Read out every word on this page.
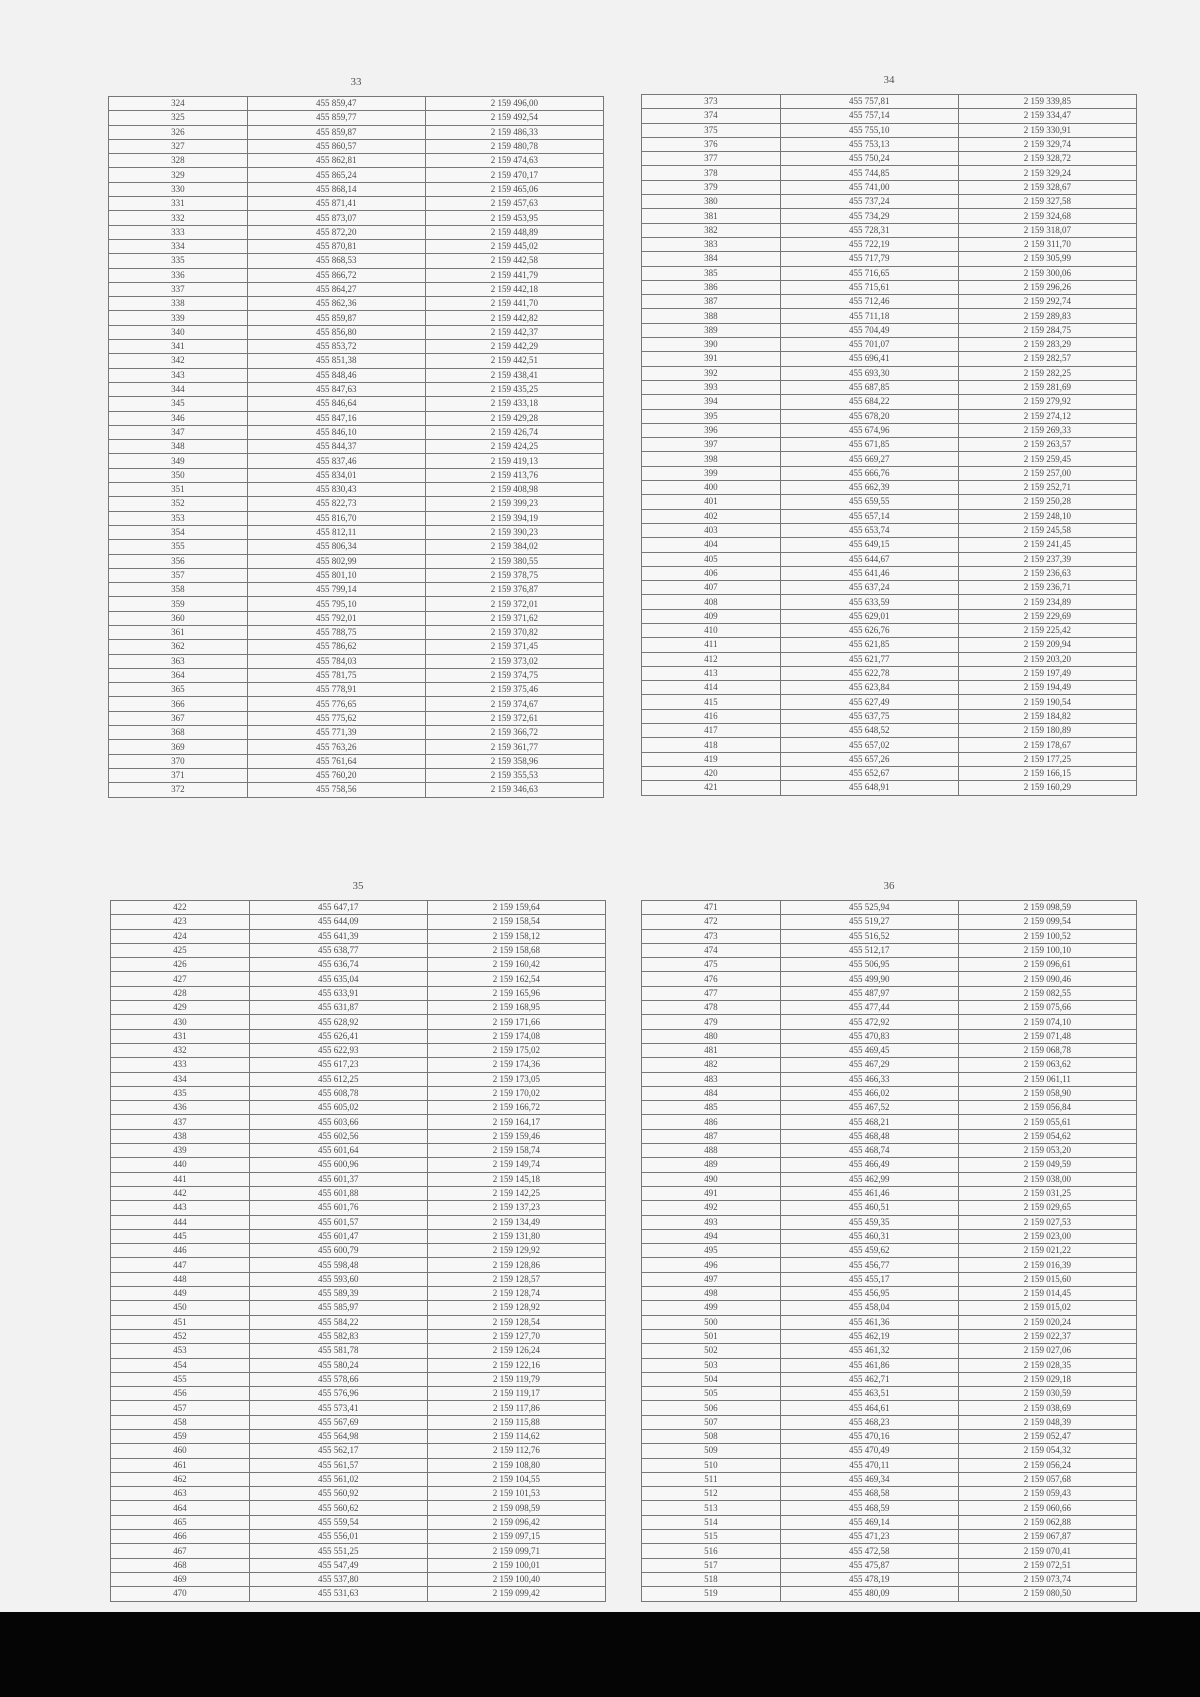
33
324	455 859,47	2 159 496,00
325	455 859,77	2 159 492,54
326	455 859,87	2 159 486,33
327	455 860,57	2 159 480,78
328	455 862,81	2 159 474,63
329	455 865,24	2 159 470,17
330	455 868,14	2 159 465,06
331	455 871,41	2 159 457,63
332	455 873,07	2 159 453,95
333	455 872,20	2 159 448,89
334	455 870,81	2 159 445,02
335	455 868,53	2 159 442,58
336	455 866,72	2 159 441,79
337	455 864,27	2 159 442,18
338	455 862,36	2 159 441,70
339	455 859,87	2 159 442,82
340	455 856,80	2 159 442,37
341	455 853,72	2 159 442,29
342	455 851,38	2 159 442,51
343	455 848,46	2 159 438,41
344	455 847,63	2 159 435,25
345	455 846,64	2 159 433,18
346	455 847,16	2 159 429,28
347	455 846,10	2 159 426,74
348	455 844,37	2 159 424,25
349	455 837,46	2 159 419,13
350	455 834,01	2 159 413,76
351	455 830,43	2 159 408,98
352	455 822,73	2 159 399,23
353	455 816,70	2 159 394,19
354	455 812,11	2 159 390,23
355	455 806,34	2 159 384,02
356	455 802,99	2 159 380,55
357	455 801,10	2 159 378,75
358	455 799,14	2 159 376,87
359	455 795,10	2 159 372,01
360	455 792,01	2 159 371,62
361	455 788,75	2 159 370,82
362	455 786,62	2 159 371,45
363	455 784,03	2 159 373,02
364	455 781,75	2 159 374,75
365	455 778,91	2 159 375,46
366	455 776,65	2 159 374,67
367	455 775,62	2 159 372,61
368	455 771,39	2 159 366,72
369	455 763,26	2 159 361,77
370	455 761,64	2 159 358,96
371	455 760,20	2 159 355,53
372	455 758,56	2 159 346,63
34
373	455 757,81	2 159 339,85
374	455 757,14	2 159 334,47
375	455 755,10	2 159 330,91
376	455 753,13	2 159 329,74
377	455 750,24	2 159 328,72
378	455 744,85	2 159 329,24
379	455 741,00	2 159 328,67
380	455 737,24	2 159 327,58
381	455 734,29	2 159 324,68
382	455 728,31	2 159 318,07
383	455 722,19	2 159 311,70
384	455 717,79	2 159 305,99
385	455 716,65	2 159 300,06
386	455 715,61	2 159 296,26
387	455 712,46	2 159 292,74
388	455 711,18	2 159 289,83
389	455 704,49	2 159 284,75
390	455 701,07	2 159 283,29
391	455 696,41	2 159 282,57
392	455 693,30	2 159 282,25
393	455 687,85	2 159 281,69
394	455 684,22	2 159 279,92
395	455 678,20	2 159 274,12
396	455 674,96	2 159 269,33
397	455 671,85	2 159 263,57
398	455 669,27	2 159 259,45
399	455 666,76	2 159 257,00
400	455 662,39	2 159 252,71
401	455 659,55	2 159 250,28
402	455 657,14	2 159 248,10
403	455 653,74	2 159 245,58
404	455 649,15	2 159 241,45
405	455 644,67	2 159 237,39
406	455 641,46	2 159 236,63
407	455 637,24	2 159 236,71
408	455 633,59	2 159 234,89
409	455 629,01	2 159 229,69
410	455 626,76	2 159 225,42
411	455 621,85	2 159 209,94
412	455 621,77	2 159 203,20
413	455 622,78	2 159 197,49
414	455 623,84	2 159 194,49
415	455 627,49	2 159 190,54
416	455 637,75	2 159 184,82
417	455 648,52	2 159 180,89
418	455 657,02	2 159 178,67
419	455 657,26	2 159 177,25
420	455 652,67	2 159 166,15
421	455 648,91	2 159 160,29
35
422	455 647,17	2 159 159,64
423	455 644,09	2 159 158,54
424	455 641,39	2 159 158,12
425	455 638,77	2 159 158,68
426	455 636,74	2 159 160,42
427	455 635,04	2 159 162,54
428	455 633,91	2 159 165,96
429	455 631,87	2 159 168,95
430	455 628,92	2 159 171,66
431	455 626,41	2 159 174,08
432	455 622,93	2 159 175,02
433	455 617,23	2 159 174,36
434	455 612,25	2 159 173,05
435	455 608,78	2 159 170,02
436	455 605,02	2 159 166,72
437	455 603,66	2 159 164,17
438	455 602,56	2 159 159,46
439	455 601,64	2 159 158,74
440	455 600,96	2 159 149,74
441	455 601,37	2 159 145,18
442	455 601,88	2 159 142,25
443	455 601,76	2 159 137,23
444	455 601,57	2 159 134,49
445	455 601,47	2 159 131,80
446	455 600,79	2 159 129,92
447	455 598,48	2 159 128,86
448	455 593,60	2 159 128,57
449	455 589,39	2 159 128,74
450	455 585,97	2 159 128,92
451	455 584,22	2 159 128,54
452	455 582,83	2 159 127,70
453	455 581,78	2 159 126,24
454	455 580,24	2 159 122,16
455	455 578,66	2 159 119,79
456	455 576,96	2 159 119,17
457	455 573,41	2 159 117,86
458	455 567,69	2 159 115,88
459	455 564,98	2 159 114,62
460	455 562,17	2 159 112,76
461	455 561,57	2 159 108,80
462	455 561,02	2 159 104,55
463	455 560,92	2 159 101,53
464	455 560,62	2 159 098,59
465	455 559,54	2 159 096,42
466	455 556,01	2 159 097,15
467	455 551,25	2 159 099,71
468	455 547,49	2 159 100,01
469	455 537,80	2 159 100,40
470	455 531,63	2 159 099,42
36
471	455 525,94	2 159 098,59
472	455 519,27	2 159 099,54
473	455 516,52	2 159 100,52
474	455 512,17	2 159 100,10
475	455 506,95	2 159 096,61
476	455 499,90	2 159 090,46
477	455 487,97	2 159 082,55
478	455 477,44	2 159 075,66
479	455 472,92	2 159 074,10
480	455 470,83	2 159 071,48
481	455 469,45	2 159 068,78
482	455 467,29	2 159 063,62
483	455 466,33	2 159 061,11
484	455 466,02	2 159 058,90
485	455 467,52	2 159 056,84
486	455 468,21	2 159 055,61
487	455 468,48	2 159 054,62
488	455 468,74	2 159 053,20
489	455 466,49	2 159 049,59
490	455 462,99	2 159 038,00
491	455 461,46	2 159 031,25
492	455 460,51	2 159 029,65
493	455 459,35	2 159 027,53
494	455 460,31	2 159 023,00
495	455 459,62	2 159 021,22
496	455 456,77	2 159 016,39
497	455 455,17	2 159 015,60
498	455 456,95	2 159 014,45
499	455 458,04	2 159 015,02
500	455 461,36	2 159 020,24
501	455 462,19	2 159 022,37
502	455 461,32	2 159 027,06
503	455 461,86	2 159 028,35
504	455 462,71	2 159 029,18
505	455 463,51	2 159 030,59
506	455 464,61	2 159 038,69
507	455 468,23	2 159 048,39
508	455 470,16	2 159 052,47
509	455 470,49	2 159 054,32
510	455 470,11	2 159 056,24
511	455 469,34	2 159 057,68
512	455 468,58	2 159 059,43
513	455 468,59	2 159 060,66
514	455 469,14	2 159 062,88
515	455 471,23	2 159 067,87
516	455 472,58	2 159 070,41
517	455 475,87	2 159 072,51
518	455 478,19	2 159 073,74
519	455 480,09	2 159 080,50
